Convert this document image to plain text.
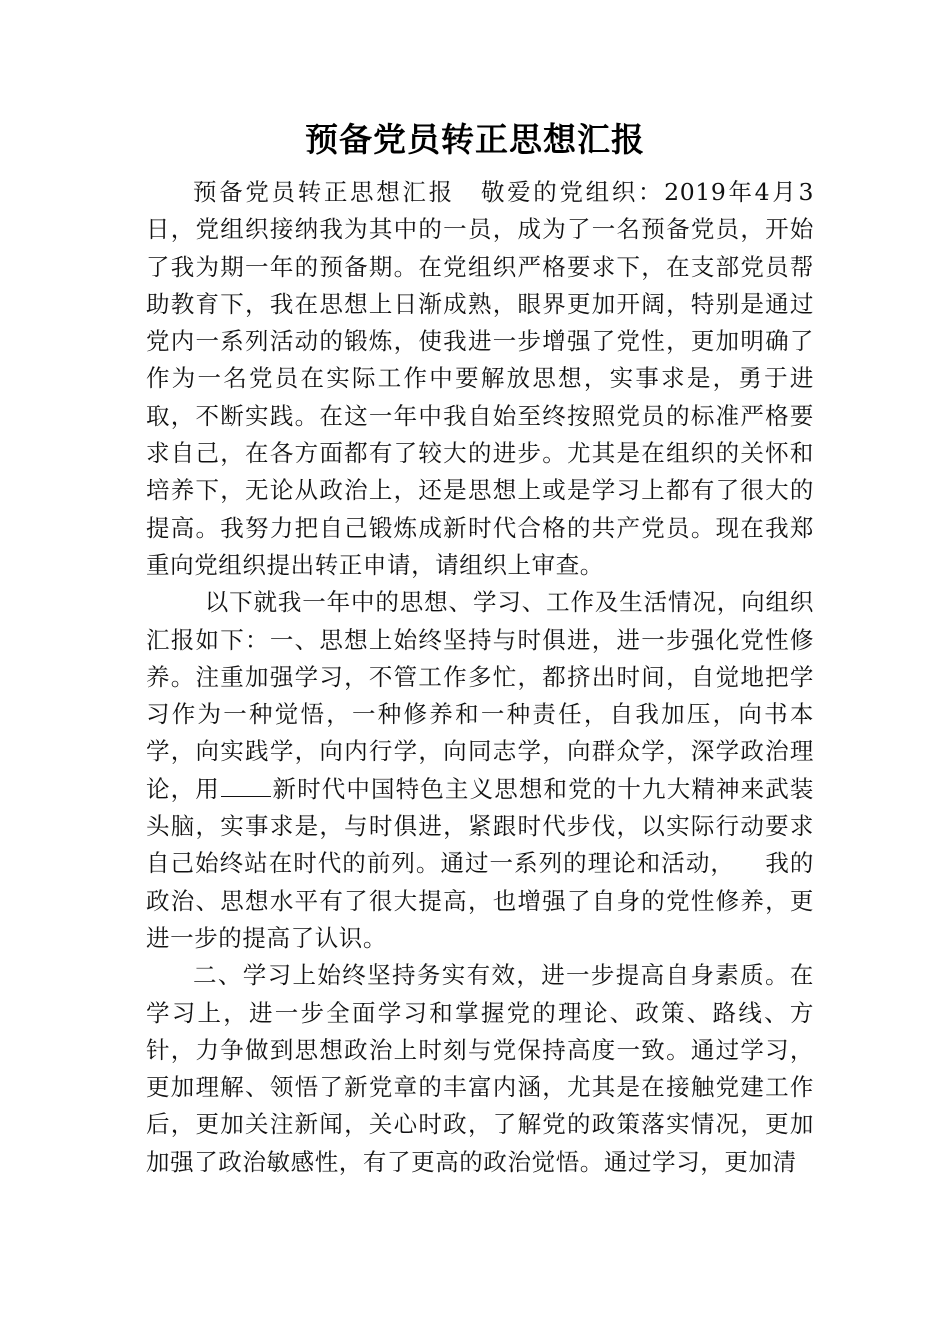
预备党员转正思想汇报

预备党员转正思想汇报　敬爱的党组织：2019年4月3日，党组织接纳我为其中的一员，成为了一名预备党员，开始了我为期一年的预备期。在党组织严格要求下，在支部党员帮助教育下，我在思想上日渐成熟，眼界更加开阔，特别是通过党内一系列活动的锻炼，使我进一步增强了党性，更加明确了作为一名党员在实际工作中要解放思想，实事求是，勇于进取，不断实践。在这一年中我自始至终按照党员的标准严格要求自己，在各方面都有了较大的进步。尤其是在组织的关怀和培养下，无论从政治上，还是思想上或是学习上都有了很大的提高。我努力把自己锻炼成新时代合格的共产党员。现在我郑重向党组织提出转正申请，请组织上审查。

以下就我一年中的思想、学习、工作及生活情况，向组织汇报如下：一、思想上始终坚持与时俱进，进一步强化党性修养。注重加强学习，不管工作多忙，都挤出时间，自觉地把学习作为一种觉悟，一种修养和一种责任，自我加压，向书本学，向实践学，向内行学，向同志学，向群众学，深学政治理论，用 新时代中国特色主义思想和党的十九大精神来武装头脑，实事求是，与时俱进，紧跟时代步伐，以实际行动要求自己始终站在时代的前列。通过一系列的理论和活动， 我的政治、思想水平有了很大提高，也增强了自身的党性修养，更进一步的提高了认识。

二、学习上始终坚持务实有效，进一步提高自身素质。在学习上，进一步全面学习和掌握党的理论、政策、路线、方针，力争做到思想政治上时刻与党保持高度一致。通过学习，更加理解、领悟了新党章的丰富内涵，尤其是在接触党建工作后，更加关注新闻，关心时政，了解党的政策落实情况，更加加强了政治敏感性，有了更高的政治觉悟。通过学习，更加清
